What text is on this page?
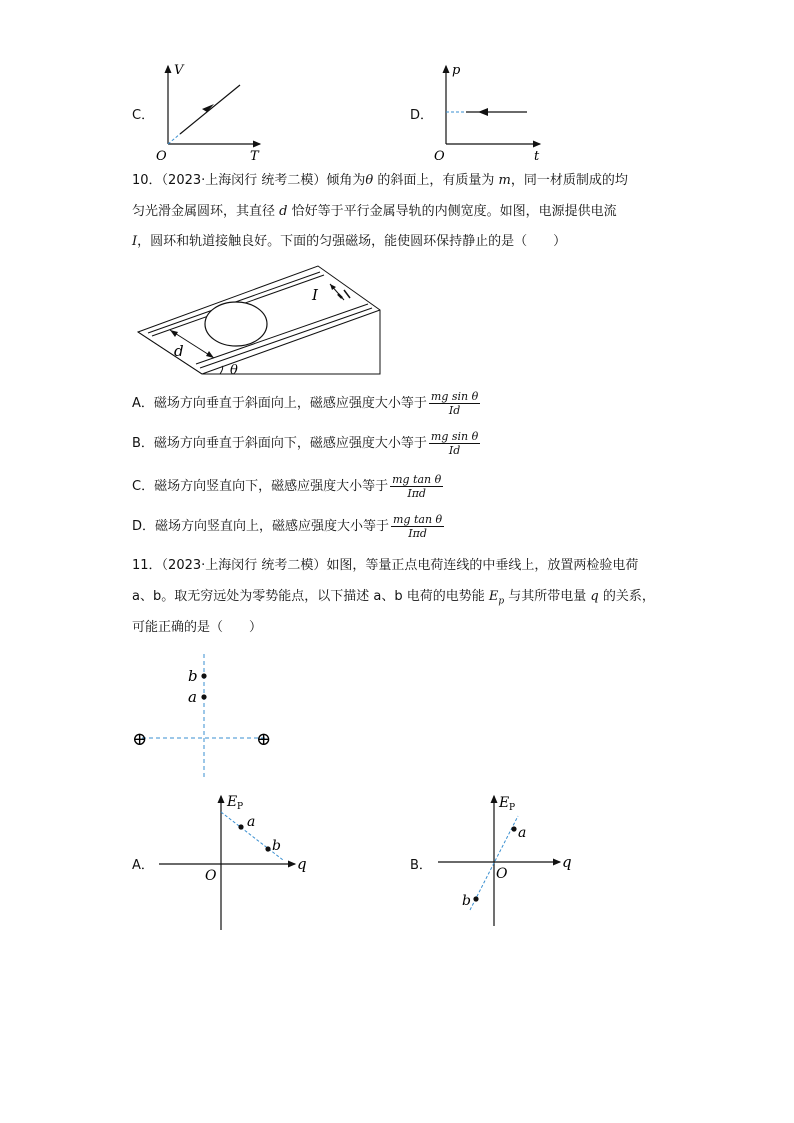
C．
V
T
O
D．
p
t
O
10．（2023·上海闵行 统考二模）倾角为θ 的斜面上，有质量为 m，同一材质制成的均
匀光滑金属圆环，其直径 d 恰好等于平行金属导轨的内侧宽度。如图，电源提供电流
I，圆环和轨道接触良好。下面的匀强磁场，能使圆环保持静止的是（　　）
I
d
θ
A．磁场方向垂直于斜面向上，磁感应强度大小等于 $\frac{\text{mg sin θ}}{Id}$
B．磁场方向垂直于斜面向下，磁感应强度大小等于 $\frac{\text{mg sin θ}}{Id}$
C．磁场方向竖直向下，磁感应强度大小等于 $\frac{\text{mg tan θ}}{\text{Iπd}}$
D．磁场方向竖直向上，磁感应强度大小等于 $\frac{\text{mg tan θ}}{\text{Iπd}}$
11．（2023·上海闵行 统考二模）如图，等量正点电荷连线的中垂线上，放置两检验电荷
a、b。取无穷远处为零势能点，以下描述 a、b 电荷的电势能 $E_p$ 与其所带电量 q 的关系，
可能正确的是（　　）
b
a
⊕	⊕
A．
E P
a
b
q
O
B．
E P
a
b
q
O
